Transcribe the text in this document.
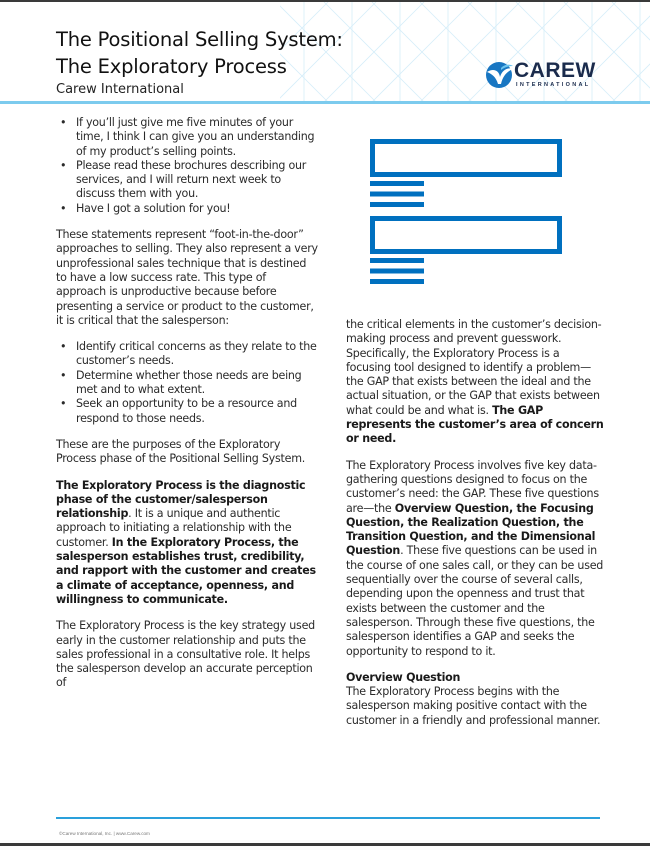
The Positional Selling System:
The Exploratory Process
Carew International
CAREW
INTERNATIONAL
• If you’ll just give me five minutes of your time, I think I can give you an understanding of my product’s selling points.
• Please read these brochures describing our services, and I will return next week to discuss them with you.
• Have I got a solution for you!

These statements represent “foot-in-the-door” approaches to selling. They also represent a very unprofessional sales technique that is destined to have a low success rate. This type of approach is unproductive because before presenting a service or product to the customer, it is critical that the salesperson:

• Identify critical concerns as they relate to the customer’s needs.
• Determine whether those needs are being met and to what extent.
• Seek an opportunity to be a resource and respond to those needs.

These are the purposes of the Exploratory Process phase of the Positional Selling System.

The Exploratory Process is the diagnostic phase of the customer/salesperson relationship. It is a unique and authentic approach to initiating a relationship with the customer. In the Exploratory Process, the salesperson establishes trust, credibility, and rapport with the customer and creates a climate of acceptance, openness, and willingness to communicate.

The Exploratory Process is the key strategy used early in the customer relationship and puts the sales professional in a consultative role. It helps the salesperson develop an accurate perception of

the critical elements in the customer’s decision-making process and prevent guesswork. Specifically, the Exploratory Process is a focusing tool designed to identify a problem—the GAP that exists between the ideal and the actual situation, or the GAP that exists between what could be and what is. The GAP represents the customer’s area of concern or need.

The Exploratory Process involves five key data-gathering questions designed to focus on the customer’s need: the GAP. These five questions are—the Overview Question, the Focusing Question, the Realization Question, the Transition Question, and the Dimensional Question. These five questions can be used in the course of one sales call, or they can be used sequentially over the course of several calls, depending upon the openness and trust that exists between the customer and the salesperson. Through these five questions, the salesperson identifies a GAP and seeks the opportunity to respond to it.

Overview Question

The Exploratory Process begins with the salesperson making positive contact with the customer in a friendly and professional manner.

©Carew International, Inc. | www.Carew.com
